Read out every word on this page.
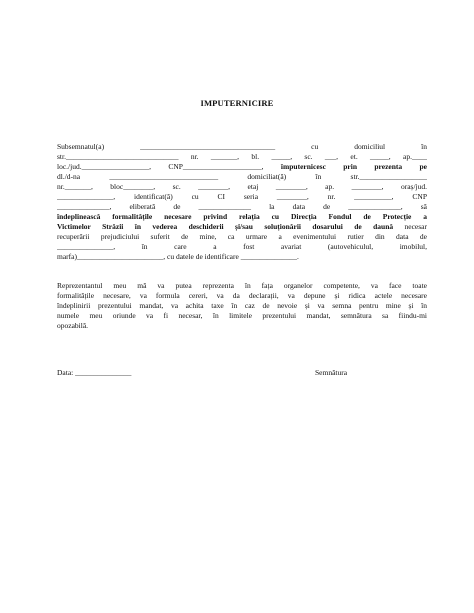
IMPUTERNICIRE
Subsemnatul(a) ____________________________________ cu domiciliul în
str.______________________________ nr. _______, bl. _____, sc. ___, et. _____, ap.____
loc./jud.__________________, CNP_____________________, împuternicesc prin prezenta pe
dl./d-na _____________________________ domiciliat(ă) în str.__________________
nr._______, bloc________, sc. ________, etaj ________, ap. ________, oraș/jud.
_______________, identificat(ă) cu CI seria ________, nr. __________, CNP
______________, eliberată de ______________ la data de ______________, să
îndeplinească formalitățile necesare privind relația cu Direcția Fondul de Protecție a
Victimelor Străzii în vederea deschiderii și/sau soluționării dosarului de daună necesar
recuperării prejudiciului suferit de mine, ca urmare a evenimentului rutier din data de
_______________, în care a fost avariat (autovehiculul, imobilul,
marfa)_______________________, cu datele de identificare _______________.
Reprezentantul meu mă va putea reprezenta în fața organelor competente, va face toate
formalitățile necesare, va formula cereri, va da declarații, va depune și ridica actele necesare
îndeplinirii prezentului mandat, va achita taxe în caz de nevoie și va semna pentru mine și în
numele meu oriunde va fi necesar, în limitele prezentului mandat, semnătura sa fiindu-mi
opozabilă.
Data: _______________	Semnătura
